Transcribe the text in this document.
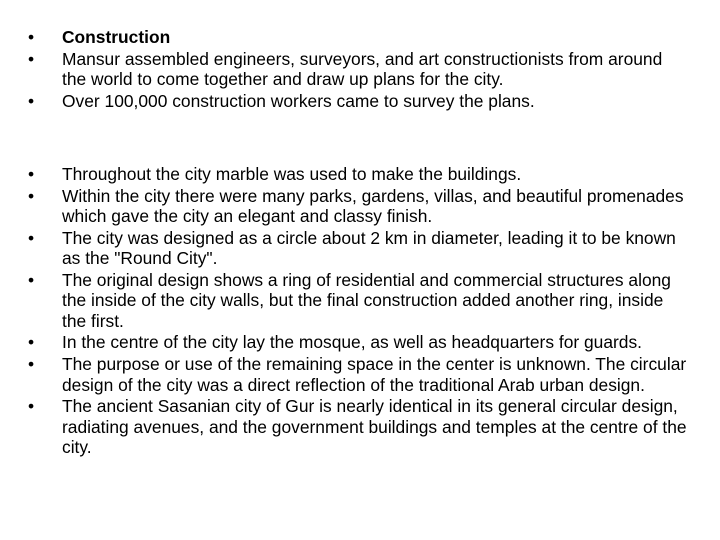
•	Construction
•	Mansur assembled engineers, surveyors, and art constructionists from around the world to come together and draw up plans for the city.
•	Over 100,000 construction workers came to survey the plans.
•	Throughout the city marble was used to make the buildings.
•	Within the city there were many parks, gardens, villas, and beautiful promenades which gave the city an elegant and classy finish.
•	The city was designed as a circle about 2 km in diameter, leading it to be known as the "Round City".
•	The original design shows a ring of residential and commercial structures along the inside of the city walls, but the final construction added another ring, inside the first.
•	In the centre of the city lay the mosque, as well as headquarters for guards.
•	The purpose or use of the remaining space in the center is unknown. The circular design of the city was a direct reflection of the traditional Arab urban design.
•	The ancient Sasanian city of Gur is nearly identical in its general circular design, radiating avenues, and the government buildings and temples at the centre of the city.
